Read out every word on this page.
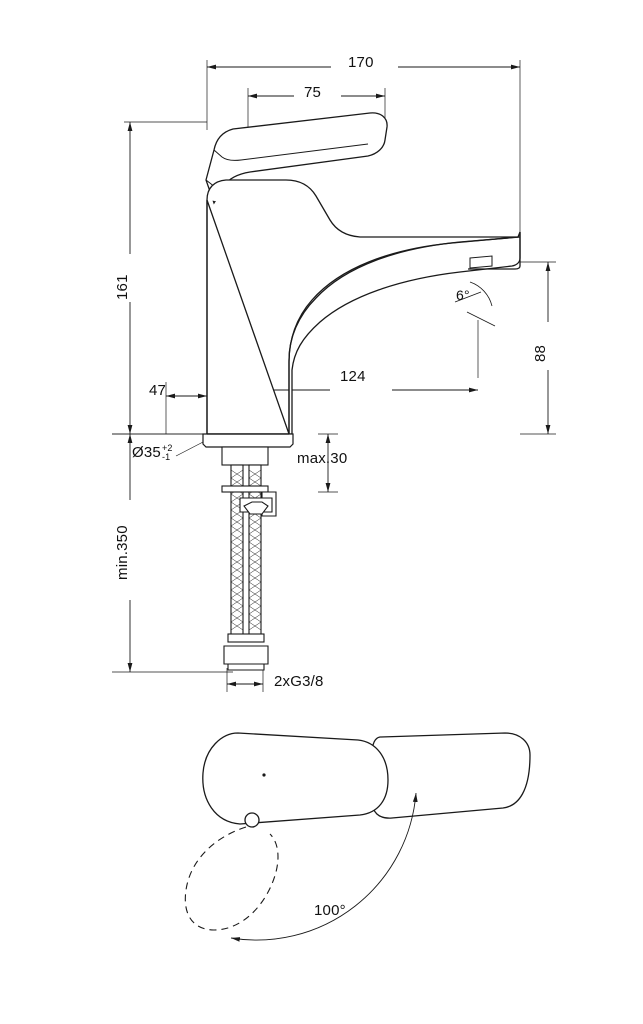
170
75
161
88
124
47
6°
Ø35 +2
-1	max.30
min.350
2xG3/8
100°
